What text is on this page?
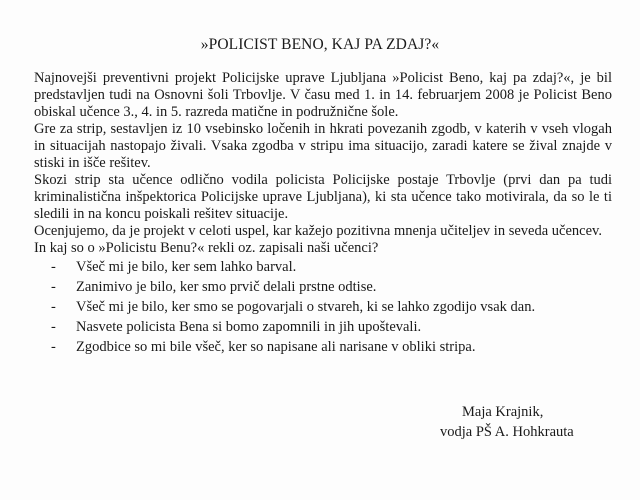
»POLICIST BENO, KAJ PA ZDAJ?«

Najnovejši preventivni projekt Policijske uprave Ljubljana »Policist Beno, kaj pa zdaj?«, je bil predstavljen tudi na Osnovni šoli Trbovlje. V času med 1. in 14. februarjem 2008 je Policist Beno obiskal učence 3., 4. in 5. razreda matične in podružnične šole.

Gre za strip, sestavljen iz 10 vsebinsko ločenih in hkrati povezanih zgodb, v katerih v vseh vlogah in situacijah nastopajo živali. Vsaka zgodba v stripu ima situacijo, zaradi katere se žival znajde v stiski in išče rešitev.

Skozi strip sta učence odlično vodila policista Policijske postaje Trbovlje (prvi dan pa tudi kriminalistična inšpektorica Policijske uprave Ljubljana), ki sta učence tako motivirala, da so le ti sledili in na koncu poiskali rešitev situacije.

Ocenjujemo, da je projekt v celoti uspel, kar kažejo pozitivna mnenja učiteljev in seveda učencev.

In kaj so o »Policistu Benu?« rekli oz. zapisali naši učenci?

- Všeč mi je bilo, ker sem lahko barval.
- Zanimivo je bilo, ker smo prvič delali prstne odtise.
- Všeč mi je bilo, ker smo se pogovarjali o stvareh, ki se lahko zgodijo vsak dan.
- Nasvete policista Bena si bomo zapomnili in jih upoštevali.
- Zgodbice so mi bile všeč, ker so napisane ali narisane v obliki stripa.
Maja Krajnik,
vodja PŠ A. Hohkrauta
